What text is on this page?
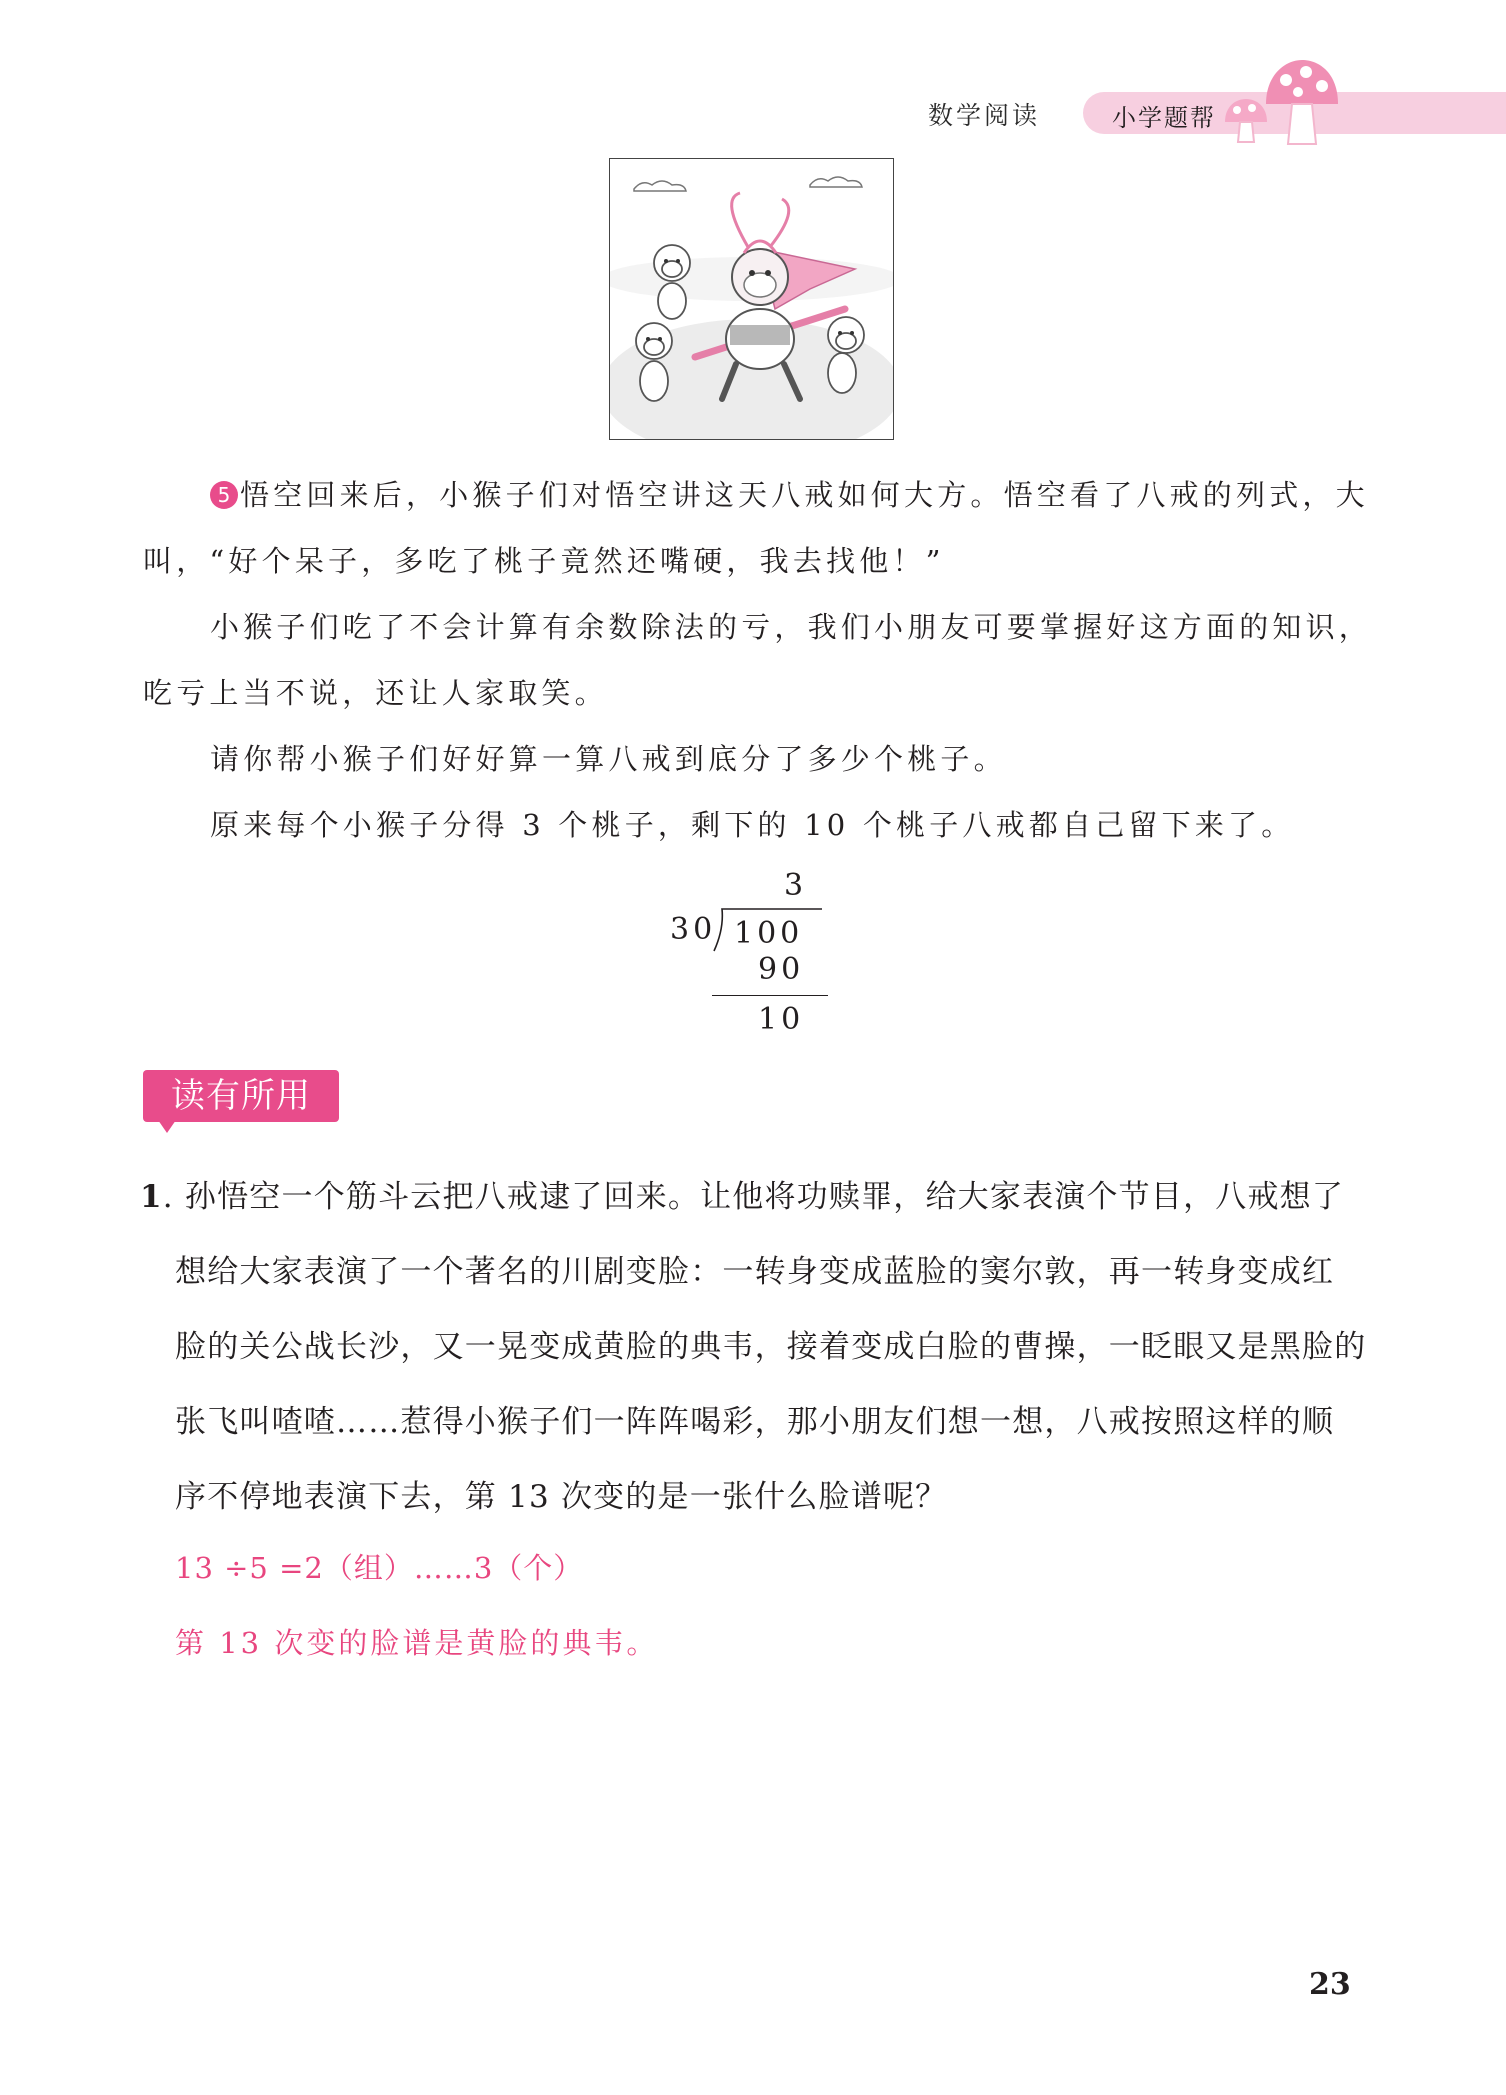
数学阅读	小学题帮
5 悟空回来后，小猴子们对悟空讲这天八戒如何大方。悟空看了八戒的列式，大
叫，“好个呆子，多吃了桃子竟然还嘴硬，我去找他！”
小猴子们吃了不会计算有余数除法的亏，我们小朋友可要掌握好这方面的知识，
吃亏上当不说，还让人家取笑。
请你帮小猴子们好好算一算八戒到底分了多少个桃子。
原来每个小猴子分得 3 个桃子，剩下的 10 个桃子八戒都自己留下来了。
3
30 100
90
10
读有所用
1. 孙悟空一个筋斗云把八戒逮了回来。让他将功赎罪，给大家表演个节目，八戒想了
想给大家表演了一个著名的川剧变脸：一转身变成蓝脸的窦尔敦，再一转身变成红
脸的关公战长沙，又一晃变成黄脸的典韦，接着变成白脸的曹操，一眨眼又是黑脸的
张飞叫喳喳……惹得小猴子们一阵阵喝彩，那小朋友们想一想，八戒按照这样的顺
序不停地表演下去，第 13 次变的是一张什么脸谱呢？
13 ÷5 =2（组）……3（个）
第 13 次变的脸谱是黄脸的典韦。
23
